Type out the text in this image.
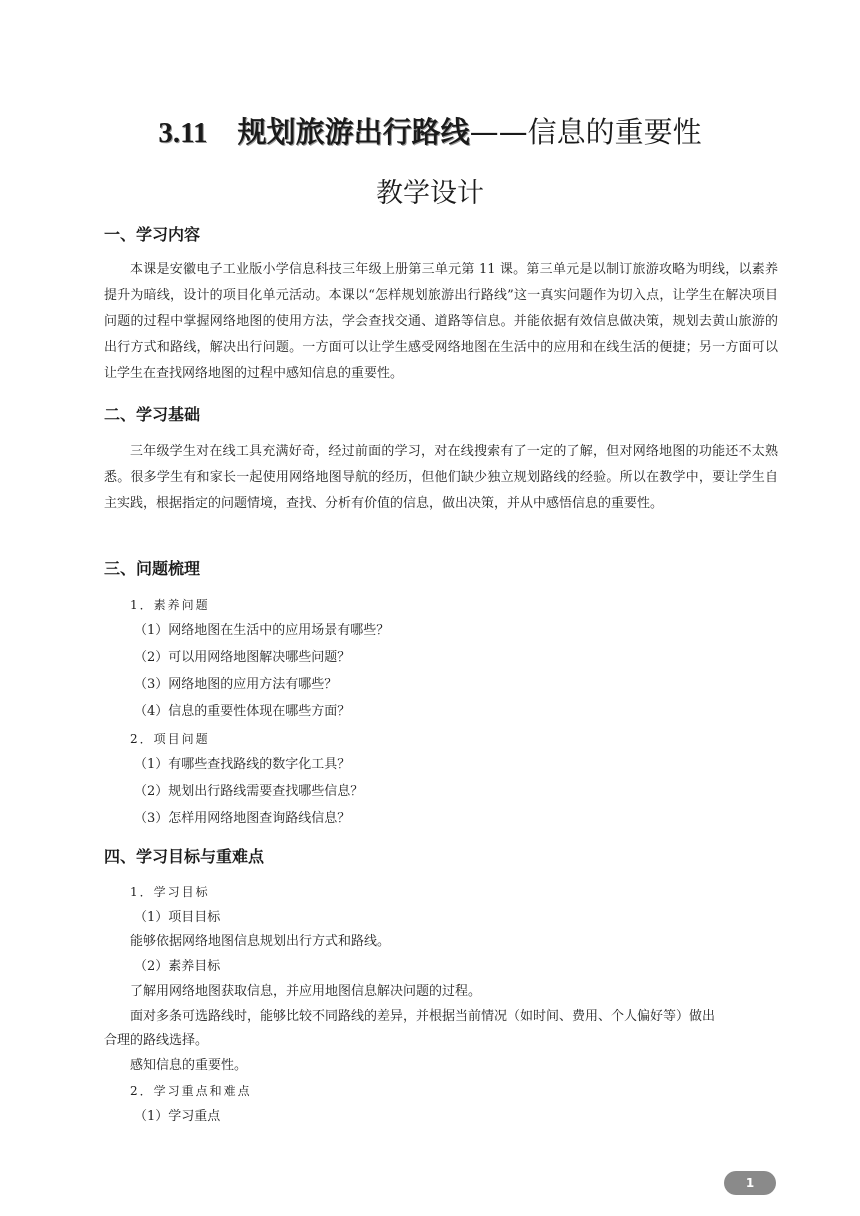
3.11 规划旅游出行路线——信息的重要性
教学设计
一、学习内容
本课是安徽电子工业版小学信息科技三年级上册第三单元第 11 课。第三单元是以制订旅游攻略为明线，以素养提升为暗线，设计的项目化单元活动。本课以“怎样规划旅游出行路线”这一真实问题作为切入点，让学生在解决项目问题的过程中掌握网络地图的使用方法，学会查找交通、道路等信息。并能依据有效信息做决策，规划去黄山旅游的出行方式和路线，解决出行问题。一方面可以让学生感受网络地图在生活中的应用和在线生活的便捷；另一方面可以让学生在查找网络地图的过程中感知信息的重要性。
二、学习基础
三年级学生对在线工具充满好奇，经过前面的学习，对在线搜索有了一定的了解，但对网络地图的功能还不太熟悉。很多学生有和家长一起使用网络地图导航的经历，但他们缺少独立规划路线的经验。所以在教学中，要让学生自主实践，根据指定的问题情境，查找、分析有价值的信息，做出决策，并从中感悟信息的重要性。
三、问题梳理
1．素养问题
（1）网络地图在生活中的应用场景有哪些？
（2）可以用网络地图解决哪些问题？
（3）网络地图的应用方法有哪些？
（4）信息的重要性体现在哪些方面？
2．项目问题
（1）有哪些查找路线的数字化工具？
（2）规划出行路线需要查找哪些信息？
（3）怎样用网络地图查询路线信息？
四、学习目标与重难点
1．学习目标
（1）项目目标
能够依据网络地图信息规划出行方式和路线。
（2）素养目标
了解用网络地图获取信息，并应用地图信息解决问题的过程。
面对多条可选路线时，能够比较不同路线的差异，并根据当前情况（如时间、费用、个人偏好等）做出
合理的路线选择。
感知信息的重要性。
2．学习重点和难点
（1）学习重点
1
